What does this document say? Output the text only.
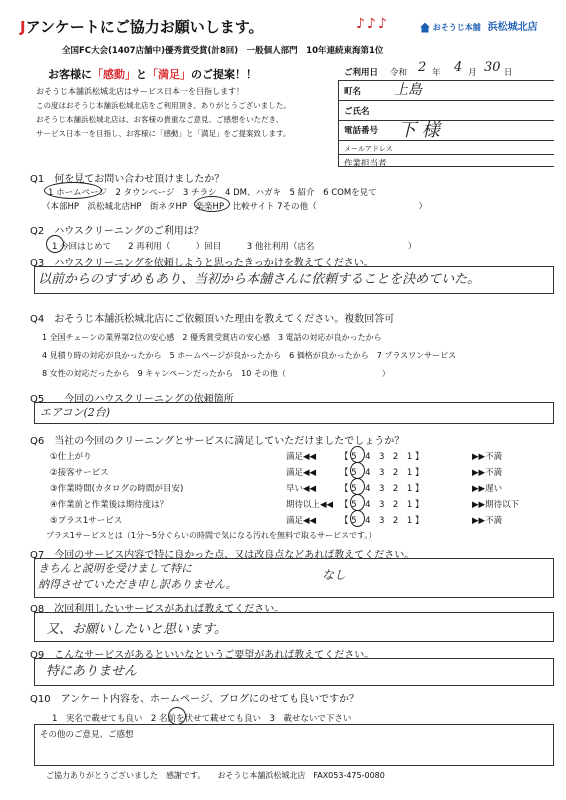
Jアンケートにご協力お願いします。	♪♪♪	おそうじ本舗 浜松城北店
全国FC大会(1407店舗中)優秀賞受賞(計8回)　一般個人部門　10年連続東海第1位
お客様に「感動」と「満足」のご提案！！
おそうじ本舗浜松城北店はサービス日本一を目指します！
この度はおそうじ本舗浜松城北店をご利用頂き、ありがとうございました。
おそうじ本舗浜松城北店は、お客様の貴重なご意見、ご感想をいただき、
サービス日本一を目指し、お客様に「感動」と「満足」をご提案致します。
ご利用日 令和 2 年 4 月 30 日
町名 上島
ご氏名
電話番号 下 様
メールアドレス
作業担当者
Q1　何を見てお問い合わせ頂けましたか？
1 ホームページ　2 タウンページ　3 チラシ　4 DM、ハガキ　5 紹介　6 COMを見て
（本部HP　浜松城北店HP　街ネタHP　楽楽HP　比較サイト 7その他（　　　　　　　　　　　　）
Q2　ハウスクリーニングのご利用は？
1 今回はじめて　　2 再利用（　　　）回目　　　3 他社利用（店名　　　　　　　　　　　）
Q3　ハウスクリーニングを依頼しようと思ったきっかけを教えてください。
以前からのすすめもあり、当初から本舗さんに依頼することを決めていた。
Q4　おそうじ本舗浜松城北店にご依頼頂いた理由を教えてください。複数回答可
1 全国チェーンの業界第2位の安心感　2 優秀賞受賞店の安心感　3 電話の対応が良かったから
4 見積り時の対応が良かったから　5 ホームページが良かったから　6 価格が良かったから　7 プラスワンサービス
8 女性の対応だったから　9 キャンペーンだったから　10 その他（　　　　　　　　　　　　）
Q5　　今回のハウスクリーニングの依頼箇所
エアコン(2台)
Q6　当社の今回のクリーニングとサービスに満足していただけましたでしょうか？
①仕上がり	満足◀◀	【 5　4　3　2　1 】	▶▶不満
②接客サービス	満足◀◀	【 5　4　3　2　1 】	▶▶不満
③作業時間(カタログの時間が目安)	早い◀◀	【 5　4　3　2　1 】	▶▶遅い
④作業前と作業後は期待度は？	期待以上◀◀ 【 5　4　3　2　1 】	▶▶期待以下
⑤プラス1サービス	満足◀◀	【 5　4　3　2　1 】	▶▶不満
プラス1サービスとは（1分～5分ぐらいの時間で気になる汚れを無料で取るサービスです。）
Q7　今回のサービス内容で特に良かった点、又は改良点などあれば教えてください。
きちんと説明を受けまして特に
納得させていただき申し訳ありません。
なし
Q8　次回利用したいサービスがあれば教えてください。
又、お願いしたいと思います。
Q9　こんなサービスがあるといいなというご要望があれば教えてください。
特にありません
Q10　アンケート内容を、ホームページ、ブログにのせても良いですか？
1　実名で載せても良い　2 名前を伏せて載せても良い　3　載せないで下さい
その他のご意見、ご感想
ご協力ありがとうございました　感謝です。　　おそうじ本舗浜松城北店　FAX053-475-0080
